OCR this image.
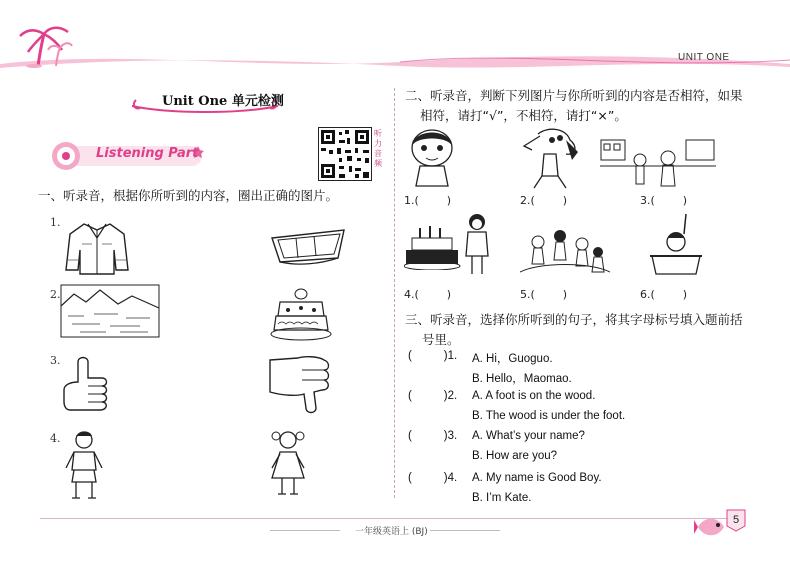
UNIT ONE
Unit One 单元检测
Listening Part
听力音频
一、听录音，根据你所听到的内容，圈出正确的图片。
1.
2.
3.
4.
二、听录音，判断下列图片与你所听到的内容是否相符，如果
相符，请打“√”，不相符，请打“×”。
1.(        )	2.(        )	3.(        )
4.(        )	5.(        )	6.(        )
三、听录音，选择你所听到的句子，将其字母标号填入题前括
号里。
(          )1. A. Hi，Guoguo.
B. Hello，Maomao.
(          )2. A. A foot is on the wood.
B. The wood is under the foot.
(          )3. A. What’s your name?
B. How are you?
(          )4. A. My name is Good Boy.
B. I’m Kate.
一年级英语上 (BJ)
5
